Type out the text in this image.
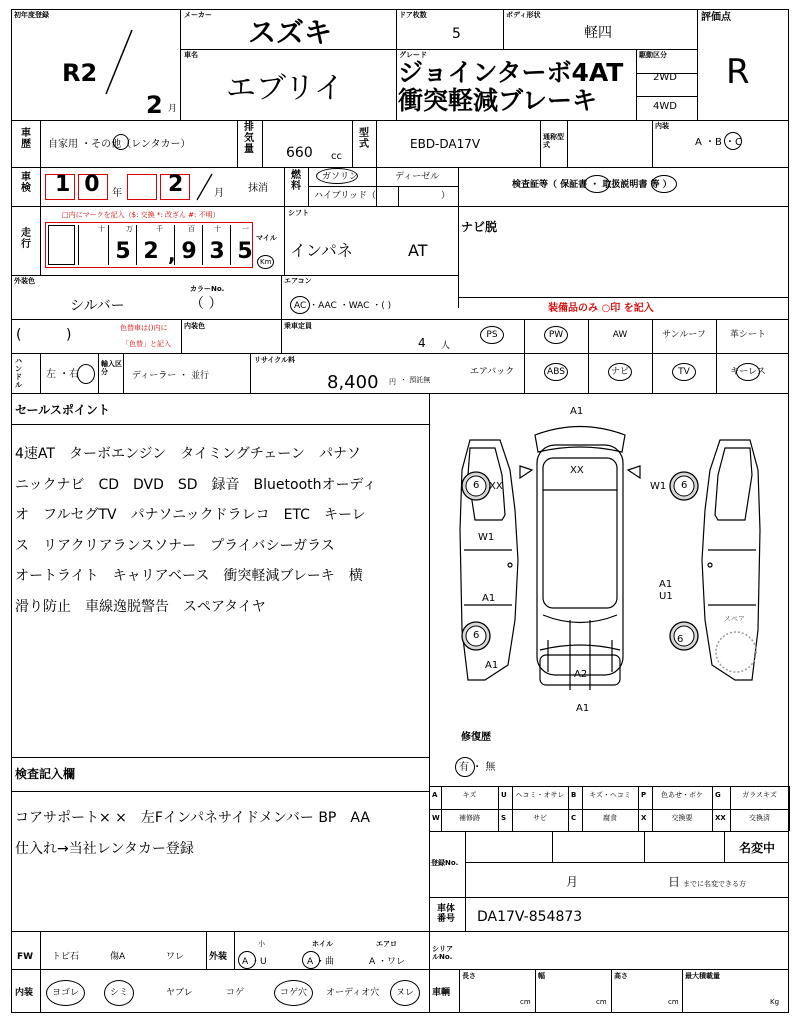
初年度登録
R2
2 月
メーカー
スズキ
ドア枚数
5
ボディ形状
軽四
評価点
R
車名
エブリイ
グレード
ジョインターボ4AT
衝突軽減ブレーキ
駆動区分
2WD
4WD
車歴 自家用 ・その他（レンタカー）
排気量 660 cc
型式	EBD-DA17V	通称型式
内装
A ・B ・C
車検 10
年 2	月 抹消
燃料
ガソリン	ディーゼル
ハイブリッド（	）
検査証等（ 保証書 ・ 取扱説明書 等 ）
走行
□内にマークを記入（$: 交換 *: 改ざん #: 不明）
5 2 9 3 5
十	万	千	百	十	一
,
マイル
Km
シフト
インパネ	AT
ナビ脱
外装色
シルバー
カラーNo.
（ ）
エアコン
AC ・AAC ・WAC ・( )	装備品のみ ○印 を記入
(          )	色替車は()内に
「色替」と記入
内装色	乗車定員
4 人
PS	PW	AW	サンルーフ	革シート
エアバック	ABS	ナビ	TV	キーレス
ハンドル
左 ・右
輸入区分	ディーラー ・ 並行
リサイクル料
8,400 円 ・ 預託無
セールスポイント
4速AT　ターボエンジン　タイミングチェーン　パナソ
ニックナビ　CD　DVD　SD　録音　Bluetoothオーディ
オ　フルセグTV　パナソニックドラレコ　ETC　キーレ
ス　リアクリアランスソナー　プライバシーガラス
オートライト　キャリアベース　衝突軽減ブレーキ　横
滑り防止　車線逸脱警告　スペアタイヤ
検査記入欄
コアサポート× ×　左Fインパネサイドメンバー BP　AA
仕入れ→当社レンタカー登録
A1
XX
XX	W1
W1
A1
A1
U1
A1
A2
A1
6	6
6	6
スペア
修復歴
有 ・ 無
A	キズ	U	ヘコミ・オサレ B	キズ・ヘコミ	P	色あせ・ボケ	G	ガラスキズ
W	補修跡	S	サビ	C	腐食	X	交換要	XX	交換済
登録No.
名変中
月	日 までに名変できる方
車体番号	DA17V-854873
FW トビ石	傷A	ワレ	外装
小
A ・U
ホイル
A ・曲
エアロ
A ・ワレ
シリアルNo.
内装 ヨゴレ	シミ	ヤブレ	コゲ	コゲ穴 オーディオ穴 ヌレ 車輌
長さ
cm
幅
cm
高さ
cm
最大積載量
Kg
